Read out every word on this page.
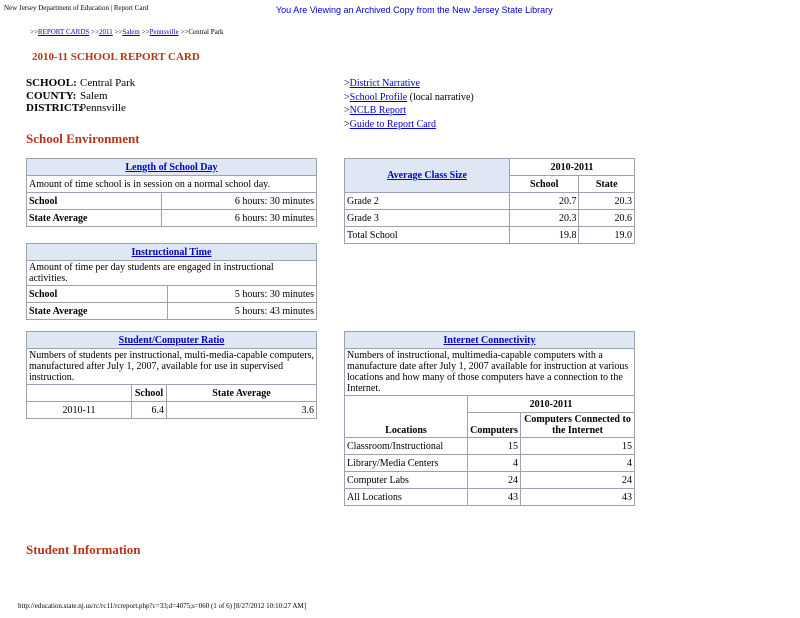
New Jersey Department of Education | Report Card	You Are Viewing an Archived Copy from the New Jersey State Library
>>REPORT CARDS >>2011 >>Salem >>Pennsville >>Central Park
2010-11 SCHOOL REPORT CARD
SCHOOL: Central Park
COUNTY: Salem
DISTRICT:Pennsville
>District Narrative
>School Profile (local narrative)
>NCLB Report
>Guide to Report Card
School Environment
Length of School Day	
Amount of time school is in session on a normal school day.	
School	6 hours: 30 minutes
State Average	6 hours: 30 minutes
Average Class Size	2010-2011	
	School	State
Grade 2	20.7	20.3
Grade 3	20.3	20.6
Total School	19.8	19.0
Instructional Time	
Amount of time per day students are engaged in instructional activities.	
School	5 hours: 30 minutes
State Average	5 hours: 43 minutes
Student/Computer Ratio		
Numbers of students per instructional, multi-media-capable computers, manufactured after July 1, 2007, available for use in supervised instruction.		
	School	State Average
2010-11	6.4	3.6
Internet Connectivity		
Numbers of instructional, multimedia-capable computers with a manufacture date after July 1, 2007 available for instruction at various locations and how many of those computers have a connection to the Internet.		
Locations	2010-2011	
	Computers	Computers Connected to the Internet
Classroom/Instructional	15	15
Library/Media Centers	4	4
Computer Labs	24	24
All Locations	43	43
Student Information
http://education.state.nj.us/rc/rc11/rcreport.php?c=33;d=4075;s=060 (1 of 6) [8/27/2012 10:10:27 AM]
